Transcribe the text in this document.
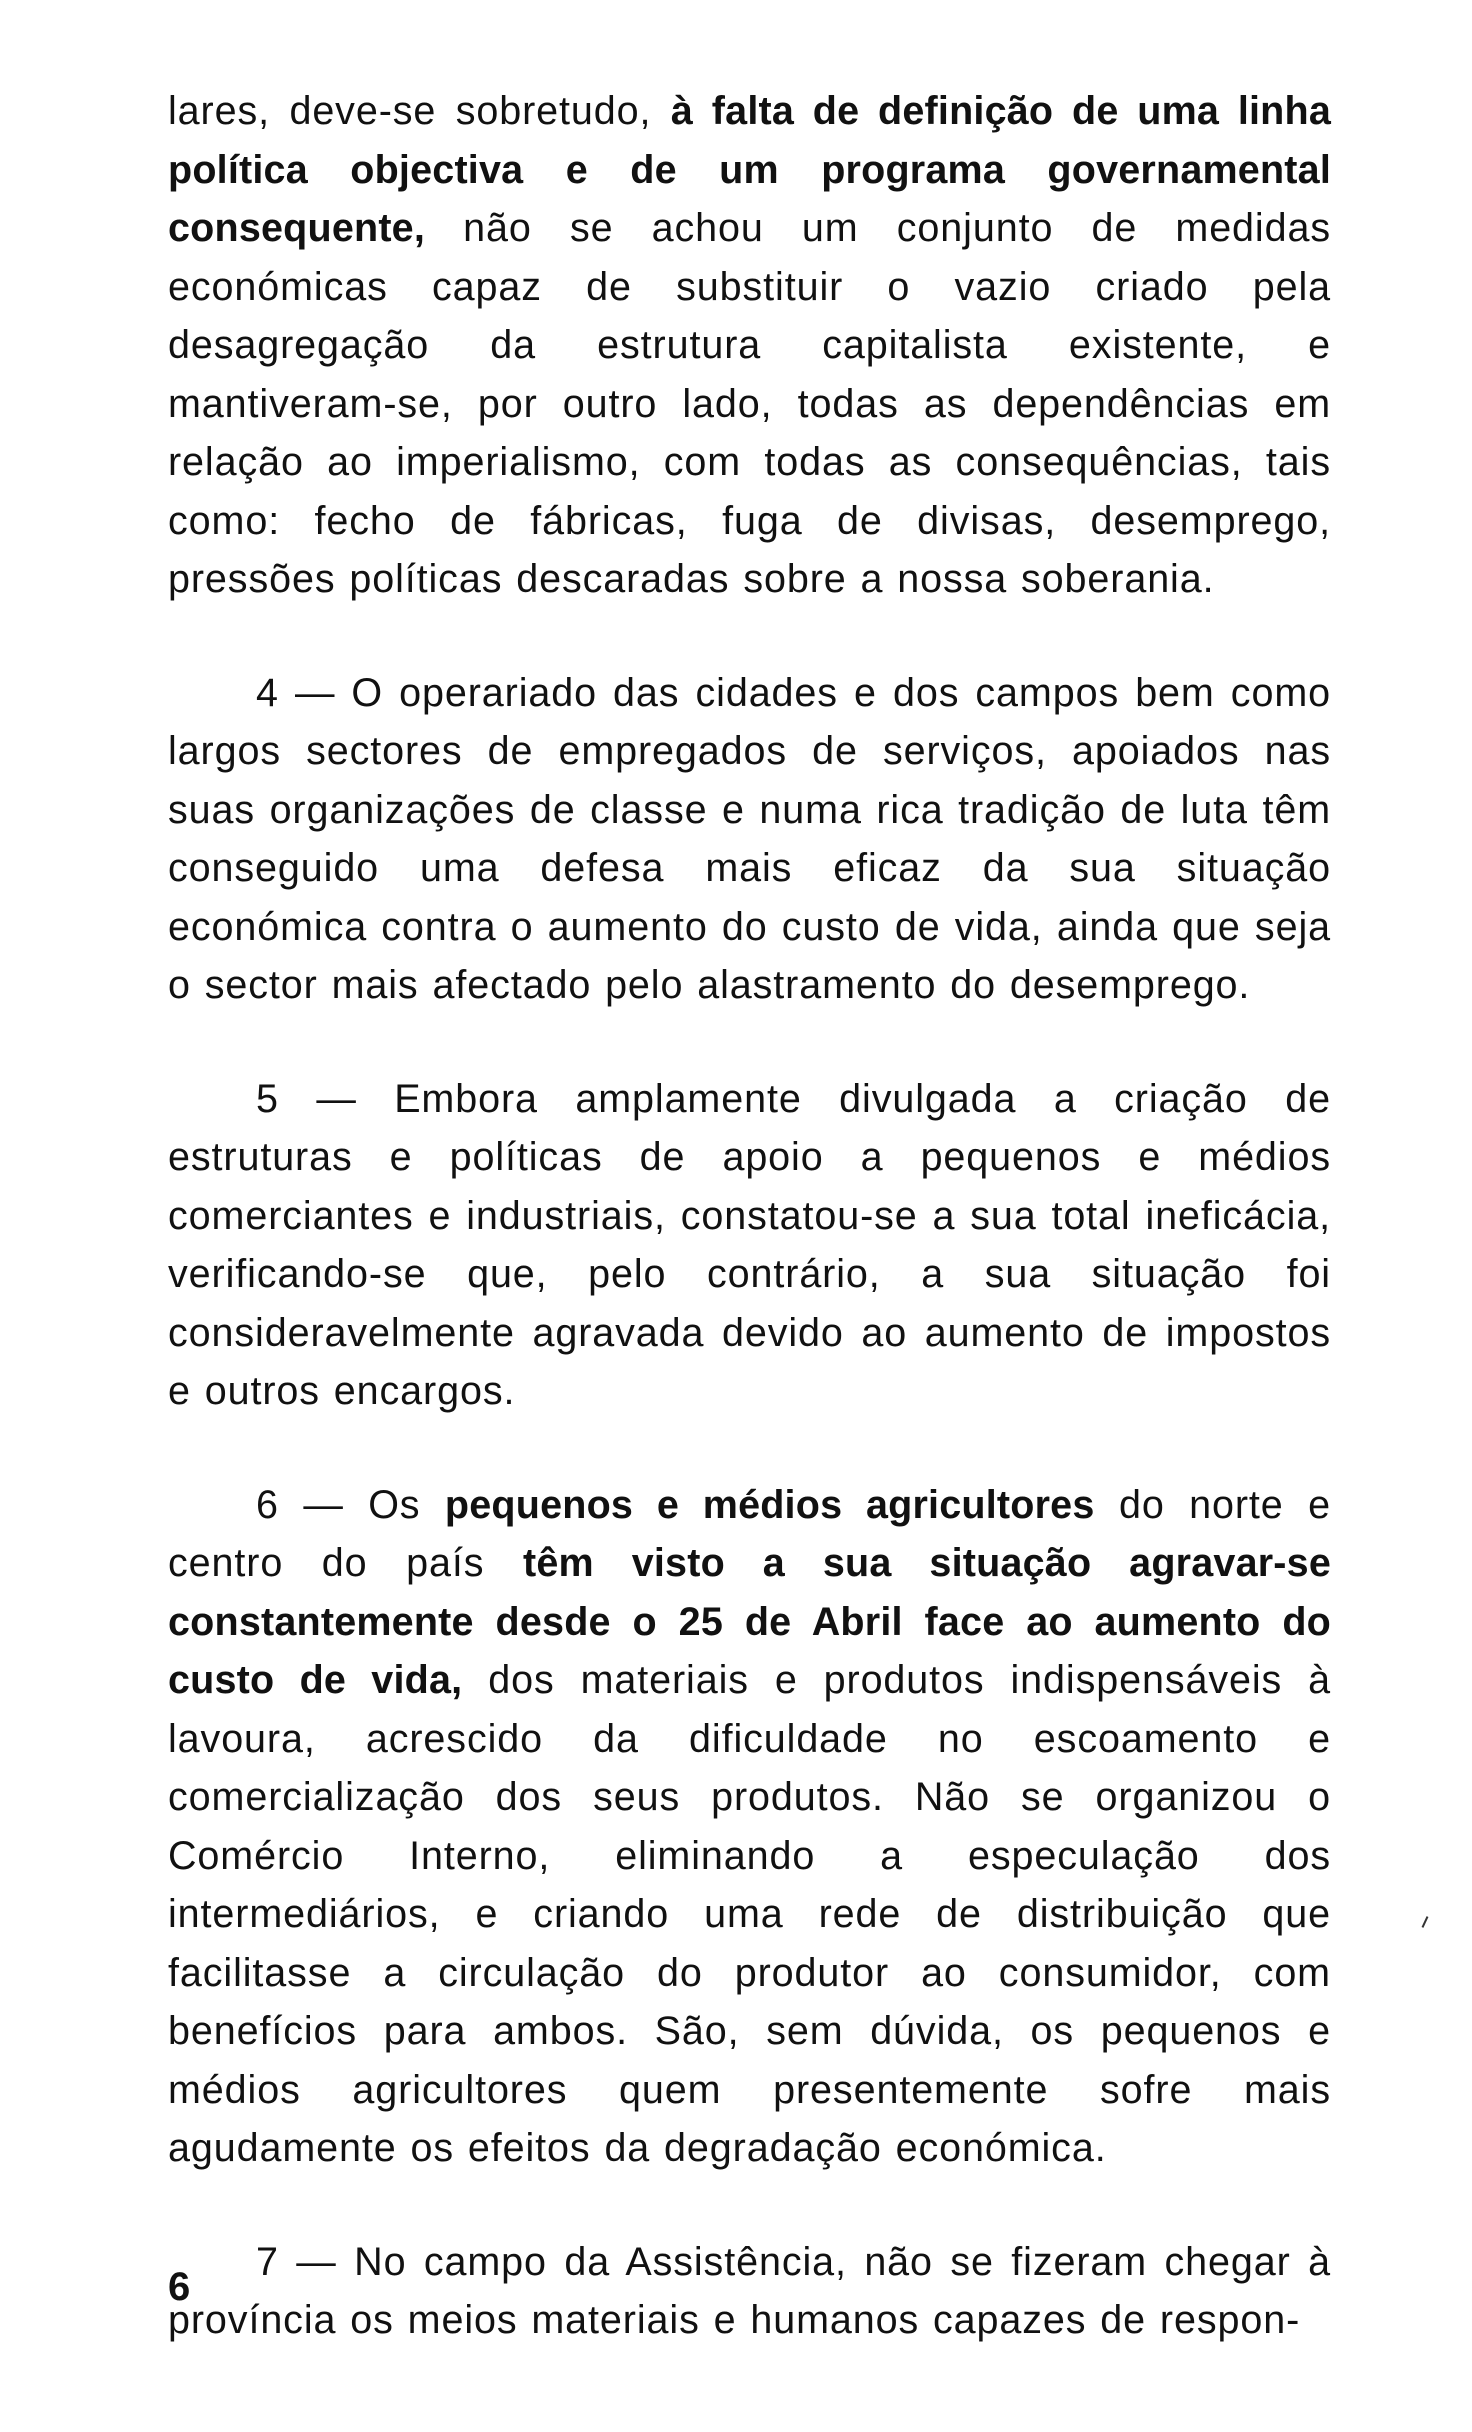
lares, deve-se sobretudo, à falta de definição de uma linha política objectiva e de um programa governamental consequente, não se achou um conjunto de medidas económicas capaz de substituir o vazio criado pela desagregação da estrutura capitalista existente, e mantiveram-se, por outro lado, todas as dependências em relação ao imperialismo, com todas as consequências, tais como: fecho de fábricas, fuga de divisas, desemprego, pressões políticas descaradas sobre a nossa soberania.

4 — O operariado das cidades e dos campos bem como largos sectores de empregados de serviços, apoiados nas suas organizações de classe e numa rica tradição de luta têm conseguido uma defesa mais eficaz da sua situação económica contra o aumento do custo de vida, ainda que seja o sector mais afectado pelo alastramento do desemprego.

5 — Embora amplamente divulgada a criação de estruturas e políticas de apoio a pequenos e médios comerciantes e industriais, constatou-se a sua total ineficácia, verificando-se que, pelo contrário, a sua situação foi consideravelmente agravada devido ao aumento de impostos e outros encargos.

6 — Os pequenos e médios agricultores do norte e centro do país têm visto a sua situação agravar-se constantemente desde o 25 de Abril face ao aumento do custo de vida, dos materiais e produtos indispensáveis à lavoura, acrescido da dificuldade no escoamento e comercialização dos seus produtos. Não se organizou o Comércio Interno, eliminando a especulação dos intermediários, e criando uma rede de distribuição que facilitasse a circulação do produtor ao consumidor, com benefícios para ambos. São, sem dúvida, os pequenos e médios agricultores quem presentemente sofre mais agudamente os efeitos da degradação económica.

7 — No campo da Assistência, não se fizeram chegar à província os meios materiais e humanos capazes de respon-

6
